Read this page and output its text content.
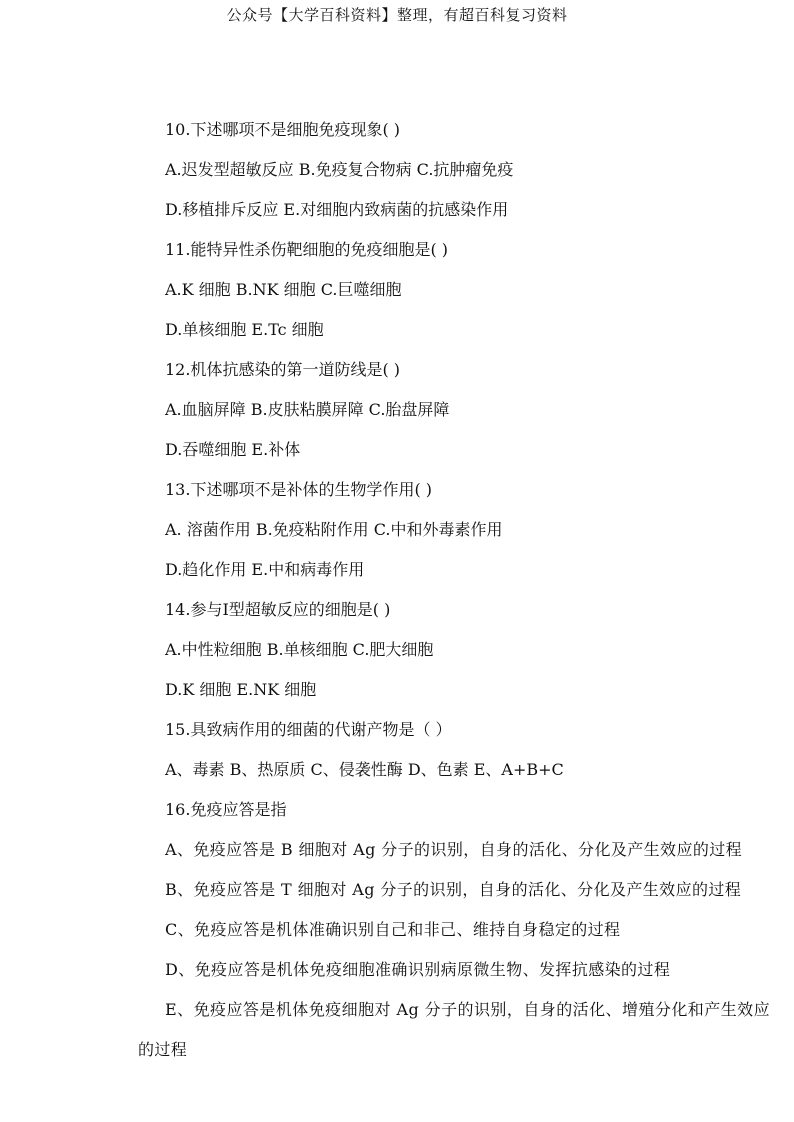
公众号【大学百科资料】整理，有超百科复习资料
10.下述哪项不是细胞免疫现象( )
A.迟发型超敏反应 B.免疫复合物病 C.抗肿瘤免疫
D.移植排斥反应 E.对细胞内致病菌的抗感染作用
11.能特异性杀伤靶细胞的免疫细胞是( )
A.K 细胞 B.NK 细胞 C.巨噬细胞
D.单核细胞 E.Tc 细胞
12.机体抗感染的第一道防线是( )
A.血脑屏障 B.皮肤粘膜屏障 C.胎盘屏障
D.吞噬细胞 E.补体
13.下述哪项不是补体的生物学作用( )
A. 溶菌作用 B.免疫粘附作用 C.中和外毒素作用
D.趋化作用 E.中和病毒作用
14.参与Ⅰ型超敏反应的细胞是( )
A.中性粒细胞 B.单核细胞 C.肥大细胞
D.K 细胞 E.NK 细胞
15.具致病作用的细菌的代谢产物是（ ）
A、毒素 B、热原质 C、侵袭性酶 D、色素 E、A+B+C
16.免疫应答是指
A、免疫应答是 B 细胞对 Ag 分子的识别，自身的活化、分化及产生效应的过程
B、免疫应答是 T 细胞对 Ag 分子的识别，自身的活化、分化及产生效应的过程
C、免疫应答是机体准确识别自己和非己、维持自身稳定的过程
D、免疫应答是机体免疫细胞准确识别病原微生物、发挥抗感染的过程
E、免疫应答是机体免疫细胞对 Ag 分子的识别，自身的活化、增殖分化和产生效应的过程
